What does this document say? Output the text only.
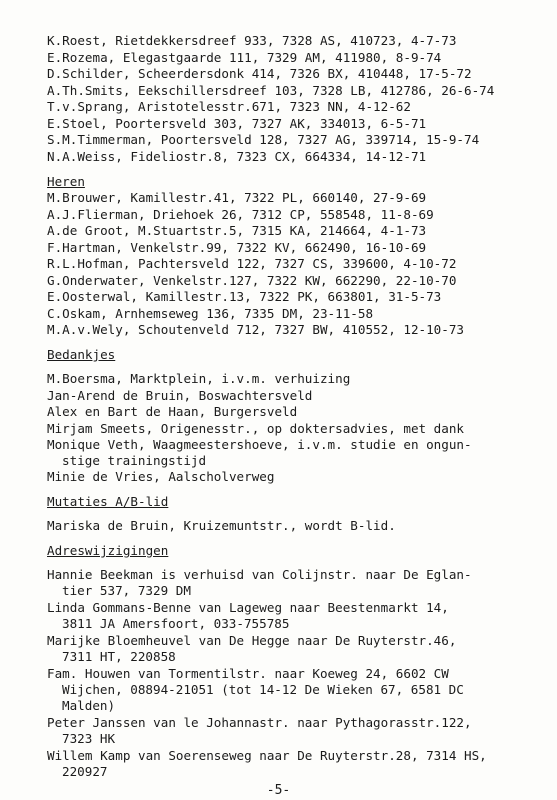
K.Roest, Rietdekkersdreef 933, 7328 AS, 410723, 4-7-73
E.Rozema, Elegastgaarde 111, 7329 AM, 411980, 8-9-74
D.Schilder, Scheerdersdonk 414, 7326 BX, 410448, 17-5-72
A.Th.Smits, Eekschillersdreef 103, 7328 LB, 412786, 26-6-74
T.v.Sprang, Aristotelesstr.671, 7323 NN, 4-12-62
E.Stoel, Poortersveld 303, 7327 AK, 334013, 6-5-71
S.M.Timmerman, Poortersveld 128, 7327 AG, 339714, 15-9-74
N.A.Weiss, Fideliostr.8, 7323 CX, 664334, 14-12-71
Heren
M.Brouwer, Kamillestr.41, 7322 PL, 660140, 27-9-69
A.J.Flierman, Driehoek 26, 7312 CP, 558548, 11-8-69
A.de Groot, M.Stuartstr.5, 7315 KA, 214664, 4-1-73
F.Hartman, Venkelstr.99, 7322 KV, 662490, 16-10-69
R.L.Hofman, Pachtersveld 122, 7327 CS, 339600, 4-10-72
G.Onderwater, Venkelstr.127, 7322 KW, 662290, 22-10-70
E.Oosterwal, Kamillestr.13, 7322 PK, 663801, 31-5-73
C.Oskam, Arnhemseweg 136, 7335 DM, 23-11-58
M.A.v.Wely, Schoutenveld 712, 7327 BW, 410552, 12-10-73
Bedankjes
M.Boersma, Marktplein, i.v.m. verhuizing
Jan-Arend de Bruin, Boswachtersveld
Alex en Bart de Haan, Burgersveld
Mirjam Smeets, Origenesstr., op doktersadvies, met dank
Monique Veth, Waagmeestershoeve, i.v.m. studie en ongun-
stige trainingstijd
Minie de Vries, Aalscholverweg
Mutaties A/B-lid
Mariska de Bruin, Kruizemuntstr., wordt B-lid.
Adreswijzigingen
Hannie Beekman is verhuisd van Colijnstr. naar De Eglan-
tier 537, 7329 DM
Linda Gommans-Benne van Lageweg naar Beestenmarkt 14,
3811 JA Amersfoort, 033-755785
Marijke Bloemheuvel van De Hegge naar De Ruyterstr.46,
7311 HT, 220858
Fam. Houwen van Tormentilstr. naar Koeweg 24, 6602 CW
Wijchen, 08894-21051 (tot 14-12 De Wieken 67, 6581 DC
Malden)
Peter Janssen van le Johannastr. naar Pythagorasstr.122,
7323 HK
Willem Kamp van Soerenseweg naar De Ruyterstr.28, 7314 HS,
220927
-5-
